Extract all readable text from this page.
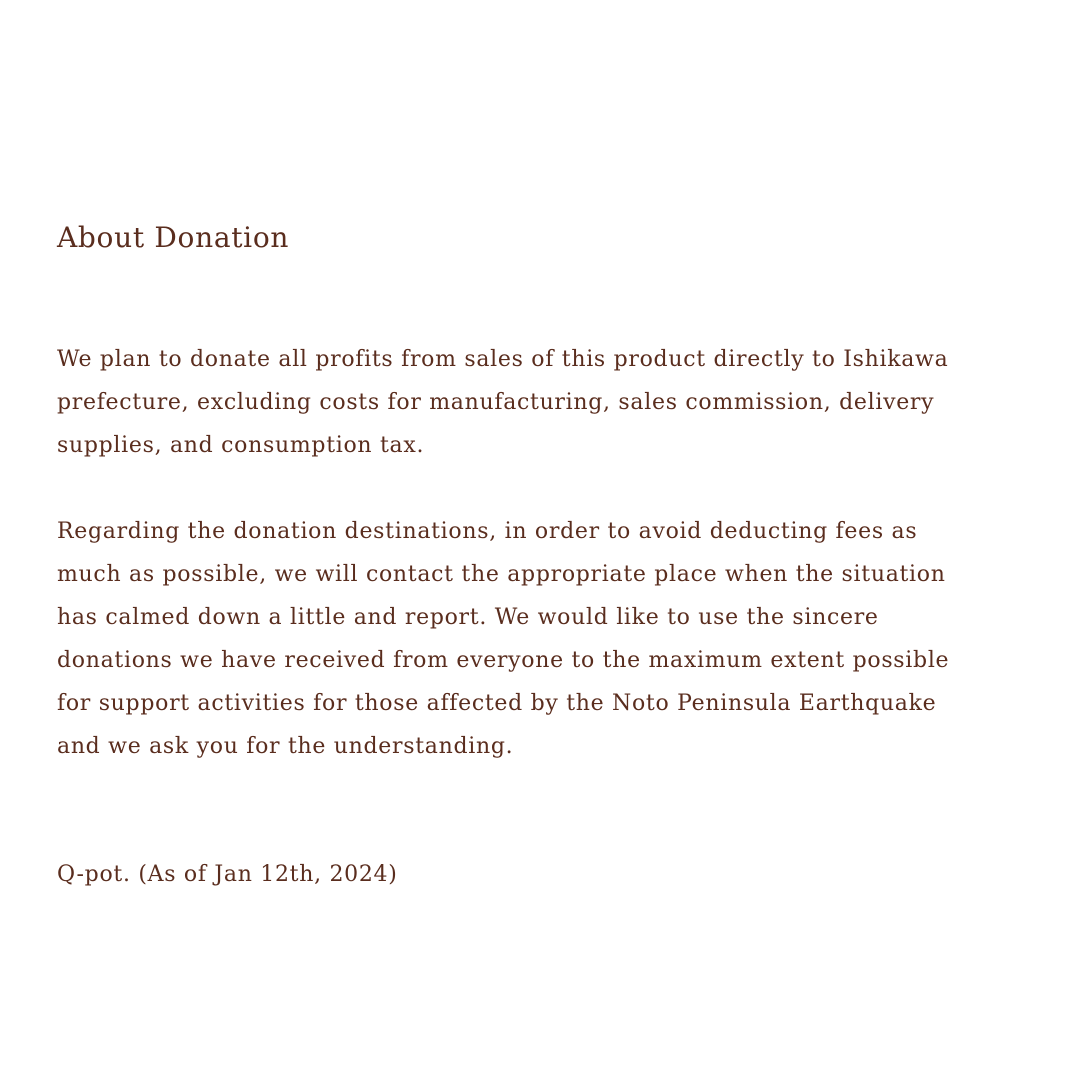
About Donation

We plan to donate all profits from sales of this product directly to Ishikawa
prefecture, excluding costs for manufacturing, sales commission, delivery
supplies, and consumption tax.

Regarding the donation destinations, in order to avoid deducting fees as
much as possible, we will contact the appropriate place when the situation
has calmed down a little and report. We would like to use the sincere
donations we have received from everyone to the maximum extent possible
for support activities for those affected by the Noto Peninsula Earthquake
and we ask you for the understanding.

Q-pot. (As of Jan 12th, 2024)
